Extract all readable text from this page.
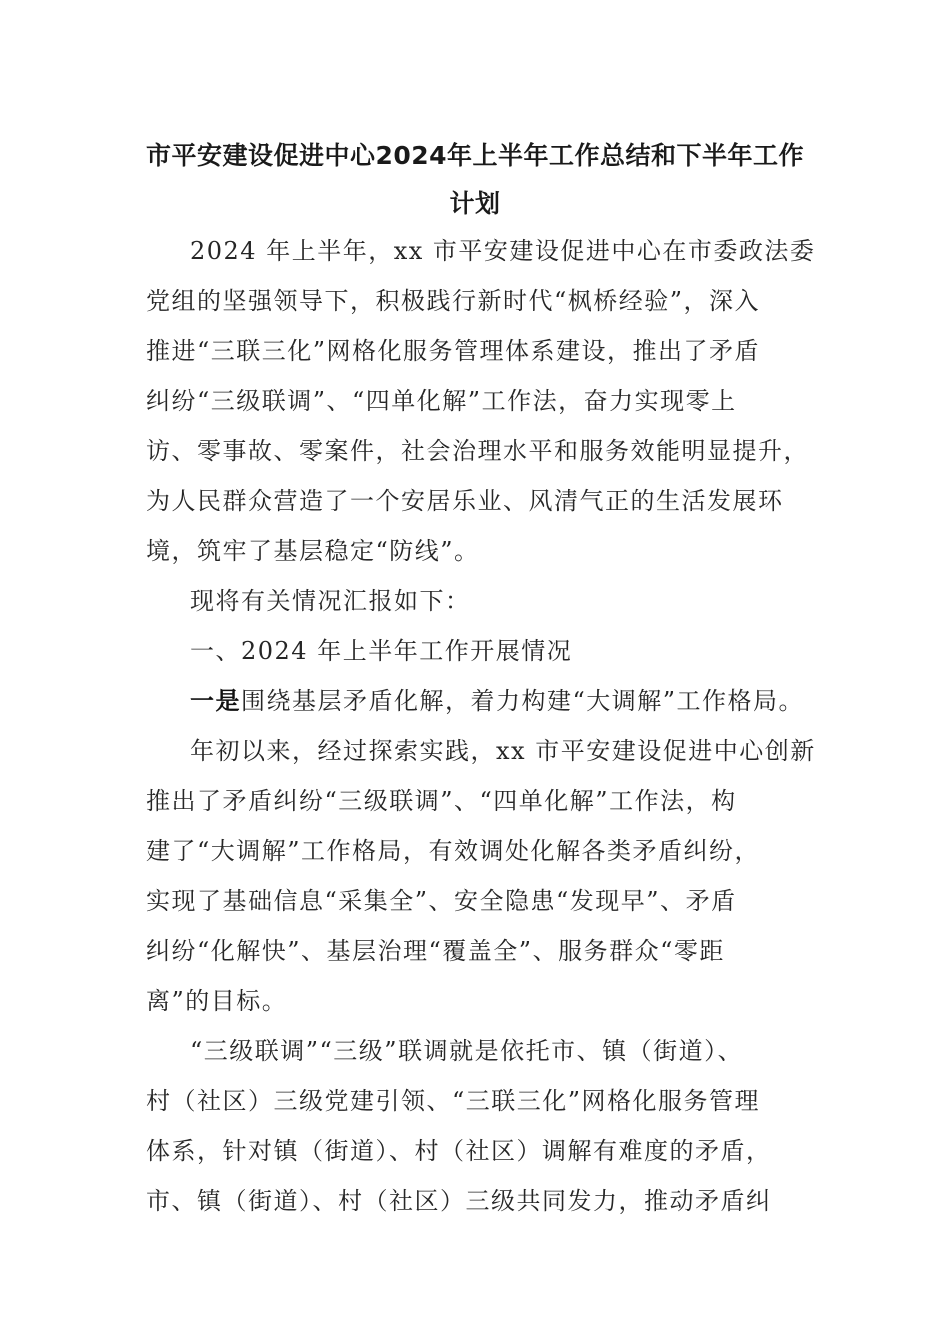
市平安建设促进中心2024年上半年工作总结和下半年工作
计划
2024 年上半年，xx 市平安建设促进中心在市委政法委
党组的坚强领导下，积极践行新时代“枫桥经验”，深入
推进“三联三化”网格化服务管理体系建设，推出了矛盾
纠纷“三级联调”、“四单化解”工作法，奋力实现零上
访、零事故、零案件，社会治理水平和服务效能明显提升，
为人民群众营造了一个安居乐业、风清气正的生活发展环
境，筑牢了基层稳定“防线”。
现将有关情况汇报如下：
一、2024 年上半年工作开展情况
一是围绕基层矛盾化解，着力构建“大调解”工作格局。
年初以来，经过探索实践，xx 市平安建设促进中心创新
推出了矛盾纠纷“三级联调”、“四单化解”工作法，构
建了“大调解”工作格局，有效调处化解各类矛盾纠纷，
实现了基础信息“采集全”、安全隐患“发现早”、矛盾
纠纷“化解快”、基层治理“覆盖全”、服务群众“零距
离”的目标。
“三级联调”“三级”联调就是依托市、镇（街道）、
村（社区）三级党建引领、“三联三化”网格化服务管理
体系，针对镇（街道）、村（社区）调解有难度的矛盾，
市、镇（街道）、村（社区）三级共同发力，推动矛盾纠
